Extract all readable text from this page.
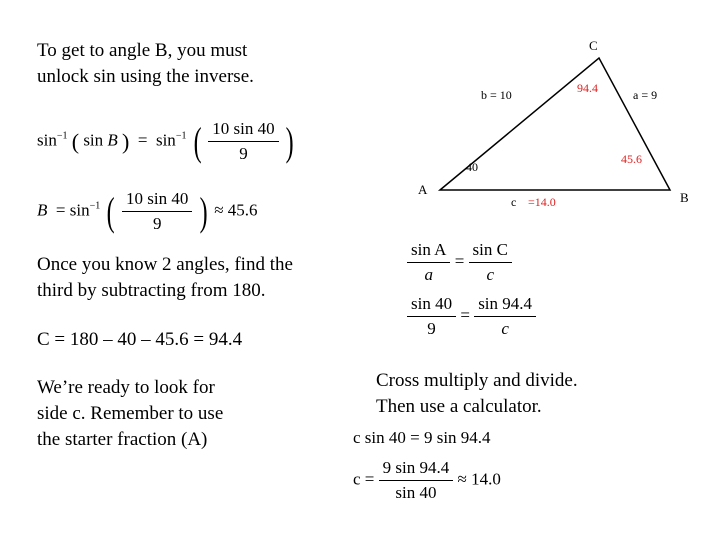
To get to angle B, you must
unlock sin using the inverse.
$\sin^{-1}$ ( sin B )  =  $\sin^{-1}$ ( $\frac{10 \sin 40}{9}$ )
$B = \sin^{-1}$ ( $\frac{10 \sin 40}{9}$ ) ≈ 45.6
Once you know 2 angles, find the
third by subtracting from 180.
C = 180 – 40 – 45.6 = 94.4
We’re ready to look for
side c. Remember to use
the starter fraction (A)
C
A
B
b = 10	a = 9
94.4
40
45.6
c =14.0
$\frac{\text{sin A}}{a} = \frac{\text{sin C}}{c}$
$\frac{\sin 40}{9} = \frac{\sin 94.4}{c}$
Cross multiply and divide.
Then use a calculator.
c sin 40 = 9 sin 94.4
$c = \frac{9 \sin 94.4}{\sin 40} \approx 14.0$
